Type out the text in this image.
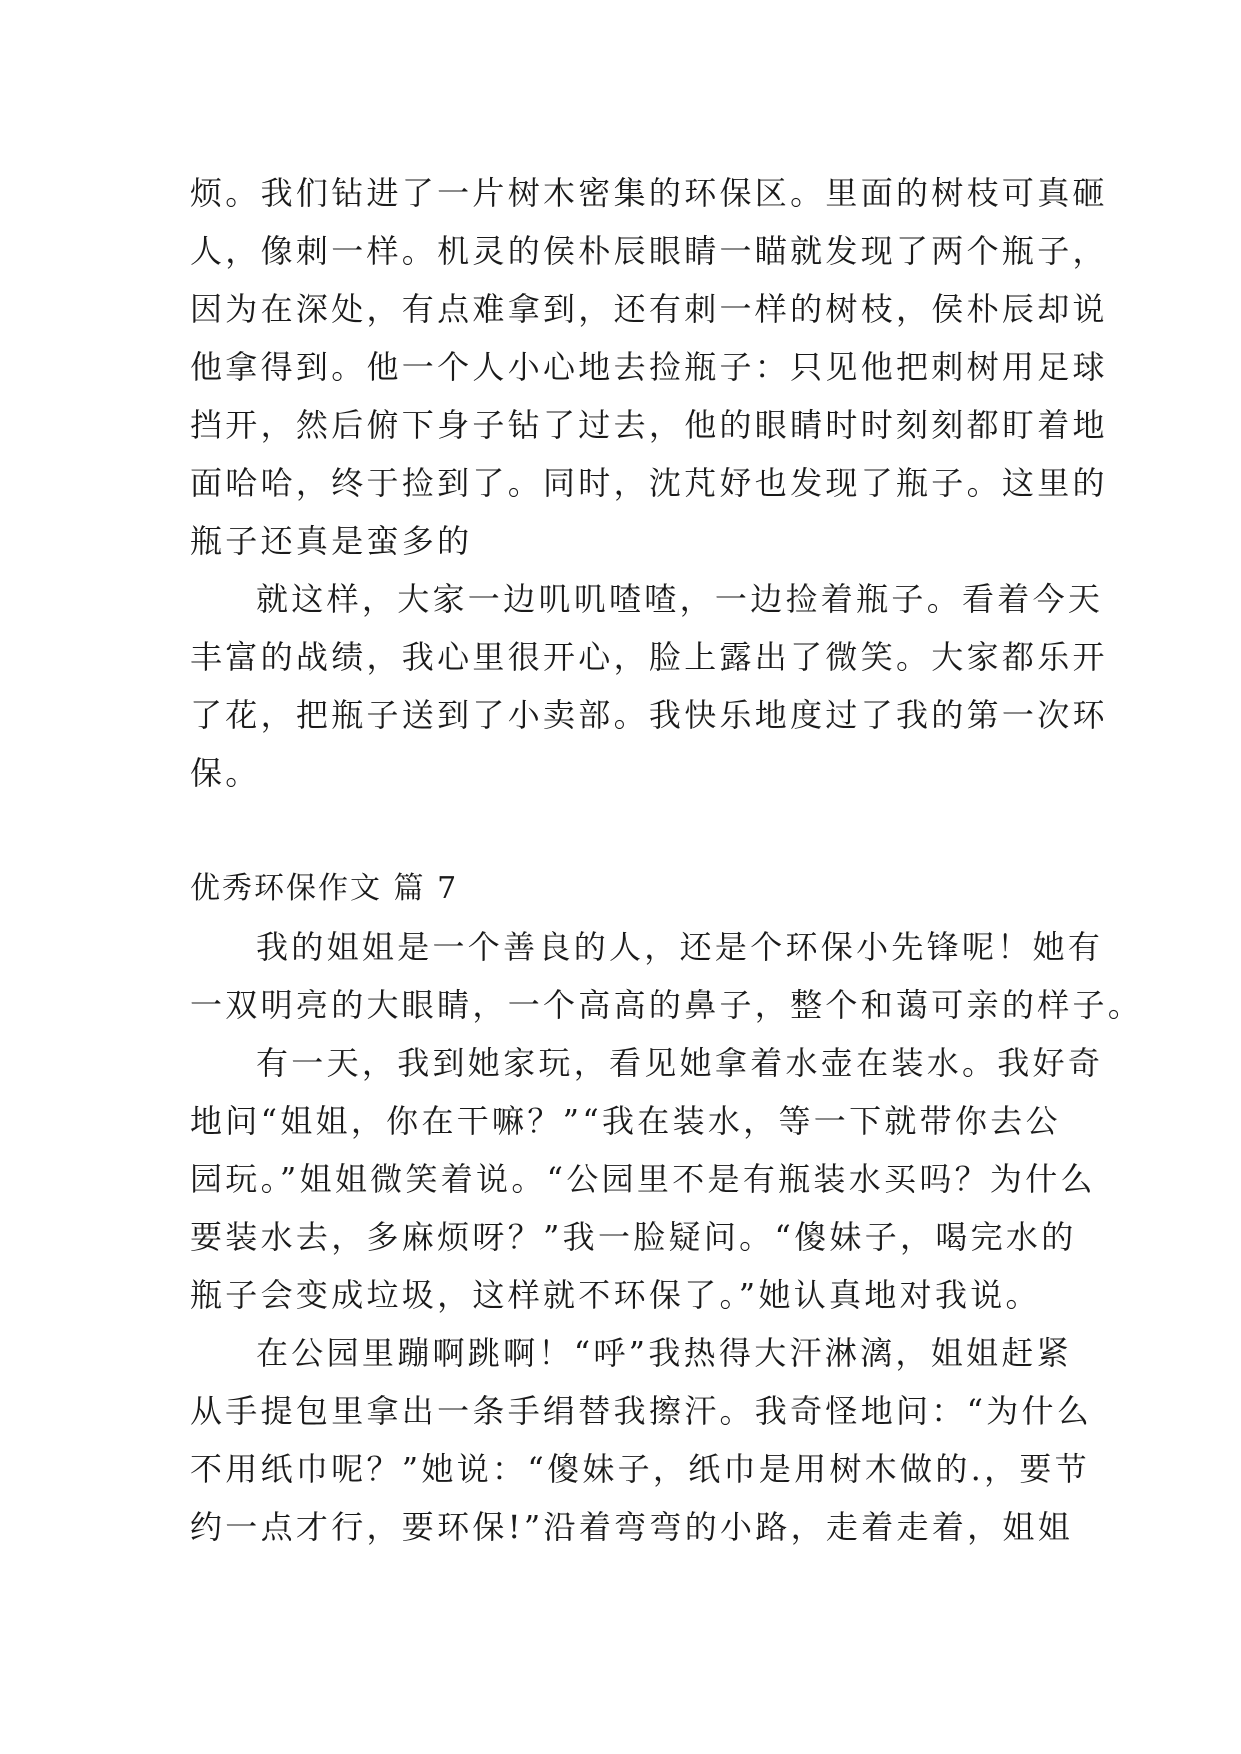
烦。我们钻进了一片树木密集的环保区。里面的树枝可真砸
人，像刺一样。机灵的侯朴辰眼睛一瞄就发现了两个瓶子，
因为在深处，有点难拿到，还有刺一样的树枝，侯朴辰却说
他拿得到。他一个人小心地去捡瓶子：只见他把刺树用足球
挡开，然后俯下身子钻了过去，他的眼睛时时刻刻都盯着地
面哈哈，终于捡到了。同时，沈芃妤也发现了瓶子。这里的
瓶子还真是蛮多的
就这样，大家一边叽叽喳喳，一边捡着瓶子。看着今天
丰富的战绩，我心里很开心，脸上露出了微笑。大家都乐开
了花，把瓶子送到了小卖部。我快乐地度过了我的第一次环
保。
优秀环保作文 篇 7
我的姐姐是一个善良的人，还是个环保小先锋呢！她有
一双明亮的大眼睛，一个高高的鼻子，整个和蔼可亲的样子。
有一天，我到她家玩，看见她拿着水壶在装水。我好奇
地问“姐姐，你在干嘛？”“我在装水，等一下就带你去公
园玩。”姐姐微笑着说。“公园里不是有瓶装水买吗？为什么
要装水去，多麻烦呀？”我一脸疑问。“傻妹子，喝完水的
瓶子会变成垃圾，这样就不环保了。”她认真地对我说。
在公园里蹦啊跳啊！“呼”我热得大汗淋漓，姐姐赶紧
从手提包里拿出一条手绢替我擦汗。我奇怪地问：“为什么
不用纸巾呢？”她说：“傻妹子，纸巾是用树木做的.，要节
约一点才行，要环保!”沿着弯弯的小路，走着走着，姐姐
